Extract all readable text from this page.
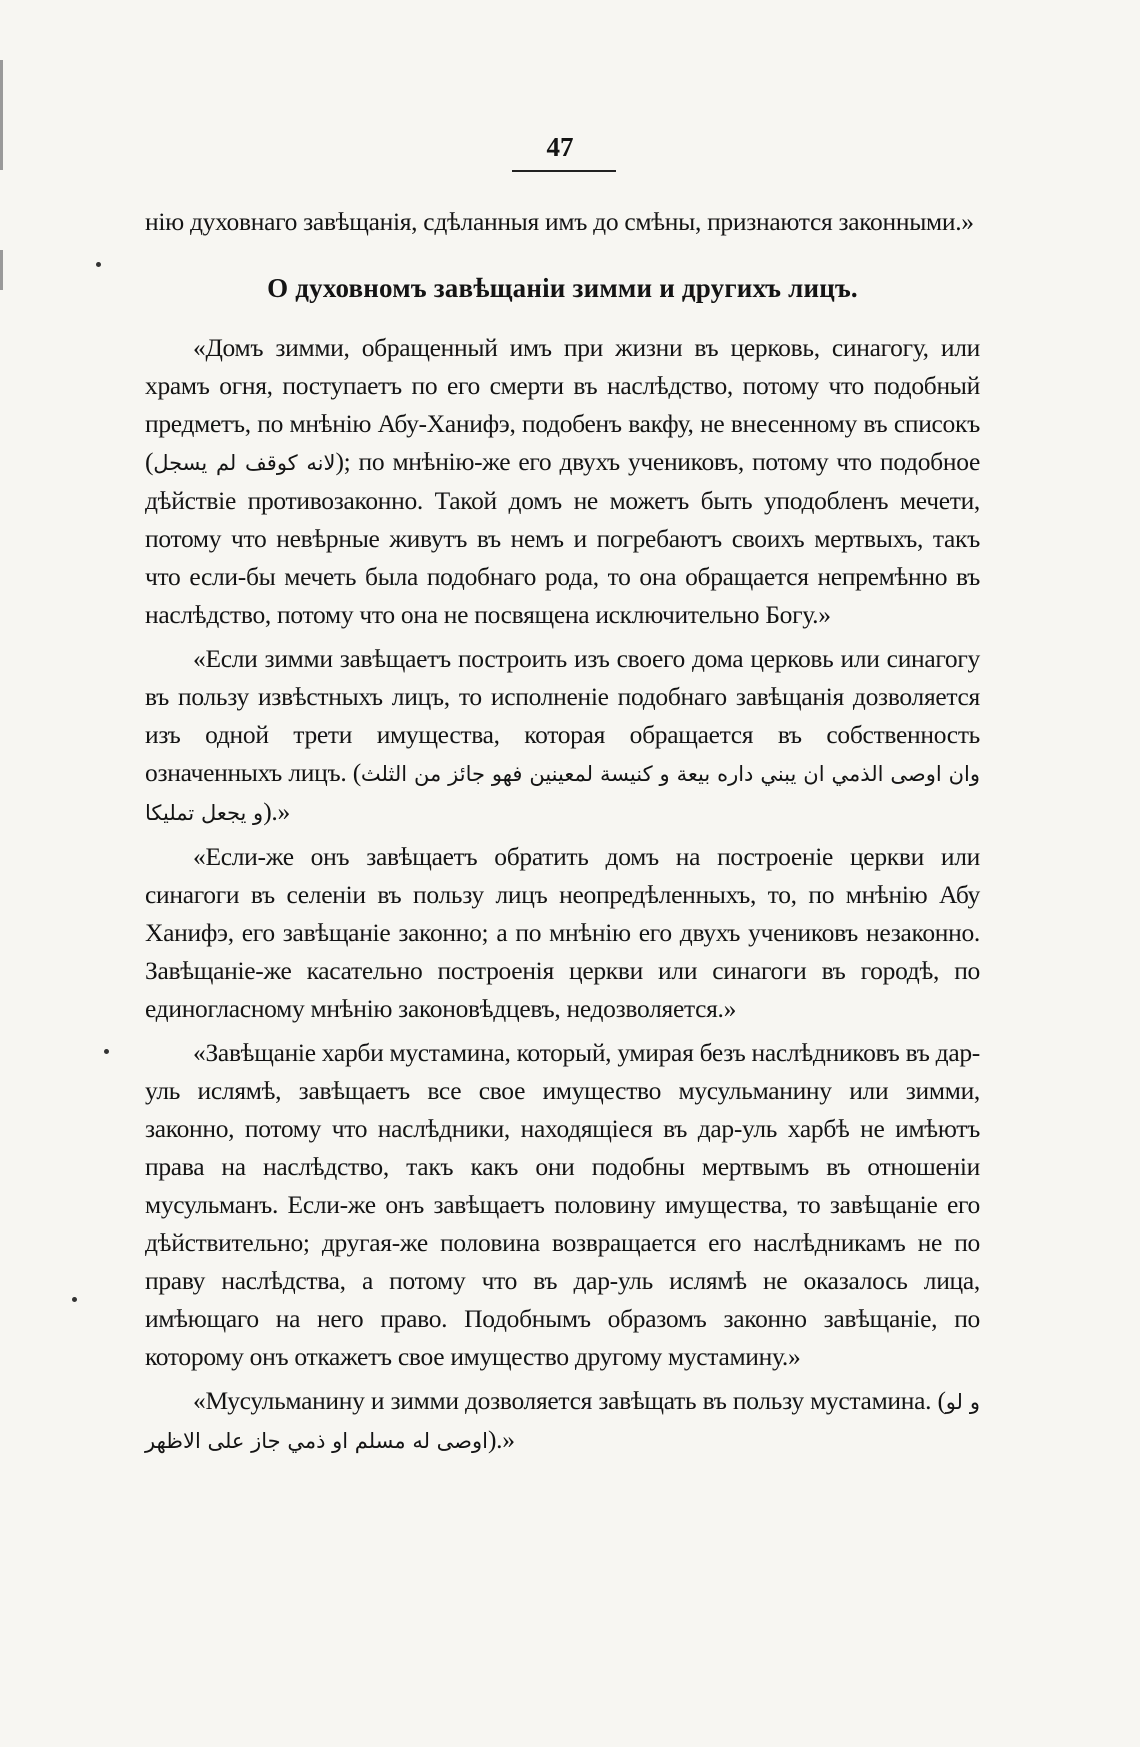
47

нію духовнаго завѣщанія, сдѣланныя имъ до смѣны, признаются законными.»

О духовномъ завѣщаніи зимми и другихъ лицъ.

«Домъ зимми, обращенный имъ при жизни въ церковь, синагогу, или храмъ огня, поступаетъ по его смерти въ наслѣдство, потому что подобный предметъ, по мнѣнію Абу-Ханифэ, подобенъ вакфу, не внесенному въ списокъ (لانه كوقف لم يسجل); по мнѣнію-же его двухъ учениковъ, потому что подобное дѣйствіе противозаконно. Такой домъ не можетъ быть уподобленъ мечети, потому что невѣрные живутъ въ немъ и погребаютъ своихъ мертвыхъ, такъ что если-бы мечеть была подобнаго рода, то она обращается непремѣнно въ наслѣдство, потому что она не посвящена исключительно Богу.»

«Если зимми завѣщаетъ построить изъ своего дома церковь или синагогу въ пользу извѣстныхъ лицъ, то исполненіе подобнаго завѣщанія дозволяется изъ одной трети имущества, которая обращается въ собственность означенныхъ лицъ. (وان اوصى الذمي ان يبني داره بيعة و كنيسة لمعينين فهو جائز من الثلث و يجعل تمليكا).»

«Если-же онъ завѣщаетъ обратить домъ на построеніе церкви или синагоги въ селеніи въ пользу лицъ неопредѣленныхъ, то, по мнѣнію Абу Ханифэ, его завѣщаніе законно; а по мнѣнію его двухъ учениковъ незаконно. Завѣщаніе-же касательно построенія церкви или синагоги въ городѣ, по единогласному мнѣнію законовѣдцевъ, недозволяется.»

«Завѣщаніе харби мустамина, который, умирая безъ наслѣдниковъ въ дар-уль ислямѣ, завѣщаетъ все свое имущество мусульманину или зимми, законно, потому что наслѣдники, находящіеся въ дар-уль харбѣ не имѣютъ права на наслѣдство, такъ какъ они подобны мертвымъ въ отношеніи мусульманъ. Если-же онъ завѣщаетъ половину имущества, то завѣщаніе его дѣйствительно; другая-же половина возвращается его наслѣдникамъ не по праву наслѣдства, а потому что въ дар-уль ислямѣ не оказалось лица, имѣющаго на него право. Подобнымъ образомъ законно завѣщаніе, по которому онъ откажетъ свое имущество другому мустамину.»

«Мусульманину и зимми дозволяется завѣщать въ пользу мустамина. (و لو اوصى له مسلم او ذمي جاز على الاظهر).»
